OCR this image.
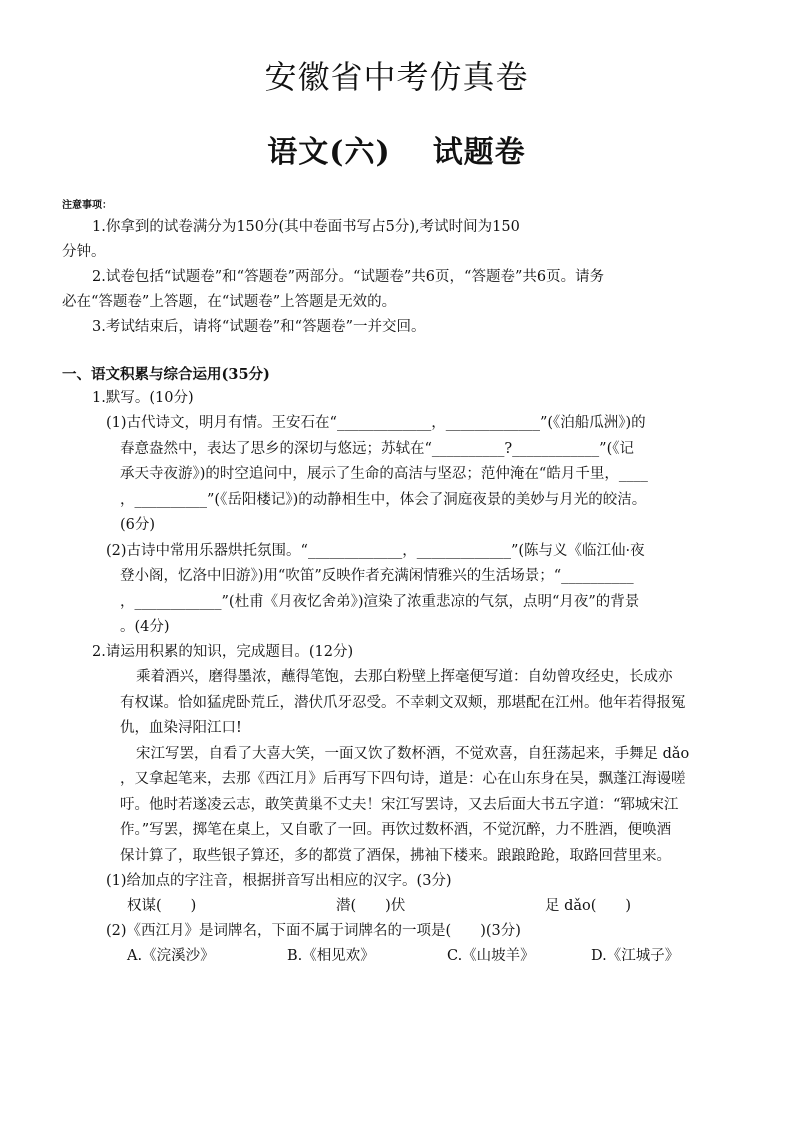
安徽省中考仿真卷
语文(六) 试题卷
注意事项：
1.你拿到的试卷满分为150分(其中卷面书写占5分),考试时间为150
分钟。
2.试卷包括“试题卷”和“答题卷”两部分。“试题卷”共6页，“答题卷”共6页。请务
必在“答题卷”上答题，在“试题卷”上答题是无效的。
3.考试结束后，请将“试题卷”和“答题卷”一并交回。
一、语文积累与综合运用(35分)
1.默写。(10分)
(1)古代诗文，明月有情。王安石在“_____________，_____________”(《泊船瓜洲》)的
春意盎然中，表达了思乡的深切与悠远；苏轼在“__________?____________”(《记
承天寺夜游》)的时空追问中，展示了生命的高洁与坚忍；范仲淹在“皓月千里，____
，__________”(《岳阳楼记》)的动静相生中，体会了洞庭夜景的美妙与月光的皎洁。
(6分)
(2)古诗中常用乐器烘托氛围。“_____________，_____________”(陈与义《临江仙·夜
登小阁，忆洛中旧游》)用“吹笛”反映作者充满闲情雅兴的生活场景；“__________
，____________”(杜甫《月夜忆舍弟》)渲染了浓重悲凉的气氛，点明“月夜”的背景
。(4分)
2.请运用积累的知识，完成题目。(12分)
乘着酒兴，磨得墨浓，蘸得笔饱，去那白粉壁上挥毫便写道：自幼曾攻经史，长成亦
有权谋。恰如猛虎卧荒丘，潜伏爪牙忍受。不幸刺文双颊，那堪配在江州。他年若得报冤
仇，血染浔阳江口!
宋江写罢，自看了大喜大笑，一面又饮了数杯酒，不觉欢喜，自狂荡起来，手舞足 dǎo
，又拿起笔来，去那《西江月》后再写下四句诗，道是：心在山东身在吴，飘蓬江海谩嗟
吁。他时若遂凌云志，敢笑黄巢不丈夫！宋江写罢诗，又去后面大书五字道：“郓城宋江
作。”写罢，掷笔在桌上，又自歌了一回。再饮过数杯酒，不觉沉醉，力不胜酒，便唤酒
保计算了，取些银子算还，多的都赏了酒保，拂袖下楼来。踉踉跄跄，取路回营里来。
(1)给加点的字注音，根据拼音写出相应的汉字。(3分)
权谋(　　)	潜(　　)伏	足 dǎo(　　)
(2)《西江月》是词牌名，下面不属于词牌名的一项是(　　)(3分)
A.《浣溪沙》	B.《相见欢》	C.《山坡羊》	D.《江城子》
